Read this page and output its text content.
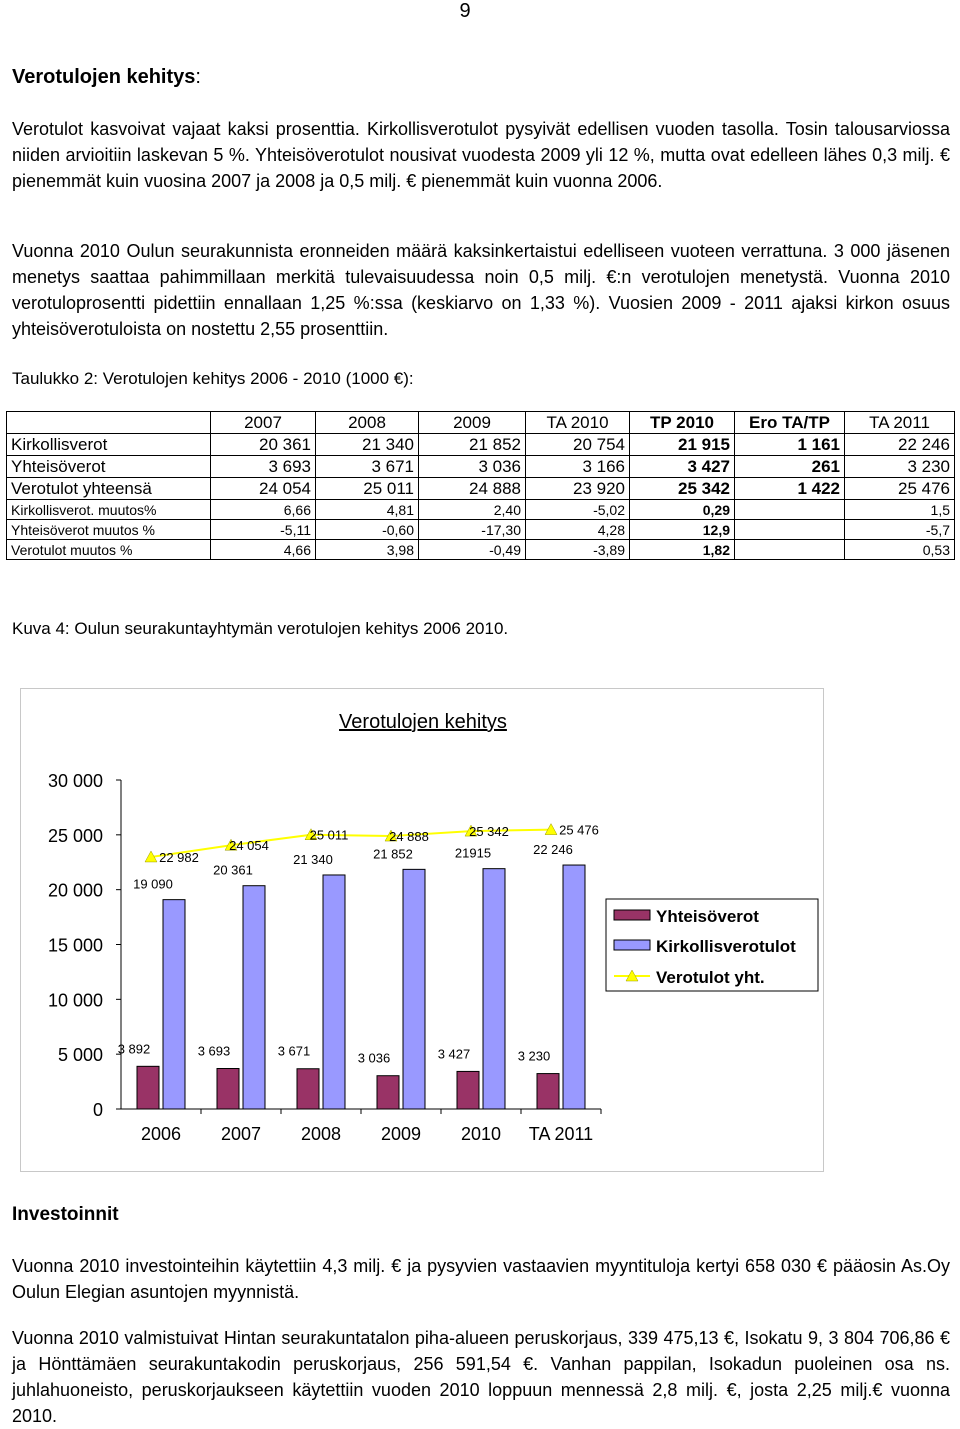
9
Verotulojen kehitys:
Verotulot kasvoivat vajaat kaksi prosenttia. Kirkollisverotulot pysyivät edellisen vuoden tasolla. Tosin talousarviossa niiden arvioitiin laskevan 5 %. Yhteisöverotulot nousivat vuodesta 2009 yli 12 %, mutta ovat edelleen lähes 0,3 milj. € pienemmät kuin vuosina 2007 ja 2008 ja 0,5 milj. € pienemmät kuin vuonna 2006.
Vuonna 2010 Oulun seurakunnista eronneiden määrä kaksinkertaistui edelliseen vuoteen verrattuna. 3 000 jäsenen menetys saattaa pahimmillaan merkitä tulevaisuudessa noin 0,5 milj. €:n verotulojen menetystä. Vuonna 2010 verotuloprosentti pidettiin ennallaan 1,25 %:ssa (keskiarvo on 1,33 %). Vuosien 2009 - 2011 ajaksi kirkon osuus yhteisöverotuloista on nostettu 2,55 prosenttiin.
Taulukko 2: Verotulojen kehitys 2006 - 2010 (1000 €):
	2007	2008	2009	TA 2010	TP 2010	Ero TA/TP	TA 2011
Kirkollisverot	20 361	21 340	21 852	20 754	21 915	1 161	22 246
Yhteisöverot	3 693	3 671	3 036	3 166	3 427	261	3 230
Verotulot yhteensä	24 054	25 011	24 888	23 920	25 342	1 422	25 476
Kirkollisverot. muutos%	6,66	4,81	2,40	-5,02	0,29		1,5
Yhteisöverot muutos %	-5,11	-0,60	-17,30	4,28	12,9		-5,7
Verotulot muutos %	4,66	3,98	-0,49	-3,89	1,82		0,53
Kuva 4: Oulun seurakuntayhtymän verotulojen kehitys 2006 2010.
Verotulojen kehitys
0
5 000
10 000
15 000
20 000
25 000
30 000
2006
3 892
19 090
2007
3 693
20 361
2008
3 671
21 340
2009
3 036
21 852
2010
3 427
21915
TA 2011
3 230
22 246
22 982
24 054
25 011	24 888	25 342	25 476
Yhteisöverot
Kirkollisverotulot
Verotulot yht.
Investoinnit
Vuonna 2010 investointeihin käytettiin 4,3 milj. € ja pysyvien vastaavien myyntituloja kertyi 658 030 € pääosin As.Oy Oulun Elegian asuntojen myynnistä.
Vuonna 2010 valmistuivat Hintan seurakuntatalon piha-alueen peruskorjaus, 339 475,13 €, Isokatu 9, 3 804 706,86 € ja Hönttämäen seurakuntakodin peruskorjaus, 256 591,54 €. Vanhan pappilan, Isokadun puoleinen osa ns. juhlahuoneisto, peruskorjaukseen käytettiin vuoden 2010 loppuun mennessä 2,8 milj. €, josta 2,25 milj.€ vuonna 2010.
